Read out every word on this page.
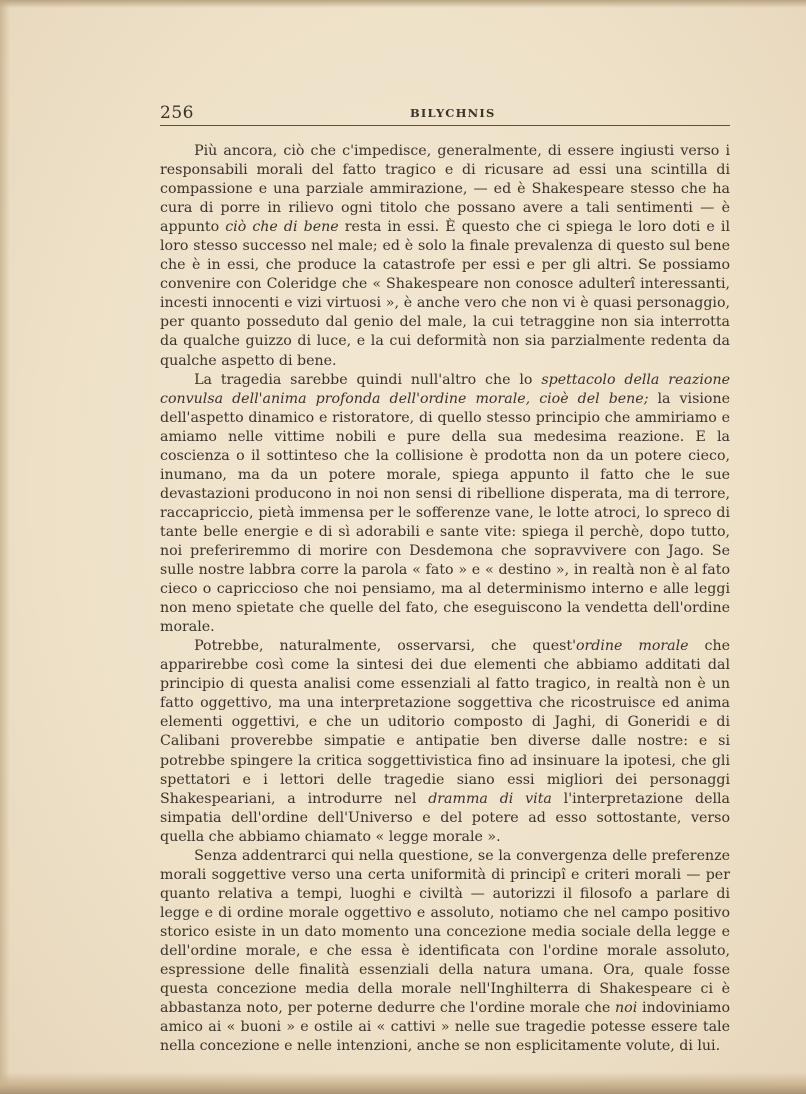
256	BILYCHNIS

Più ancora, ciò che c'impedisce, generalmente, di essere ingiusti verso i responsabili morali del fatto tragico e di ricusare ad essi una scintilla di compassione e una parziale ammirazione, — ed è Shakespeare stesso che ha cura di porre in rilievo ogni titolo che possano avere a tali sentimenti — è appunto ciò che di bene resta in essi. È questo che ci spiega le loro doti e il loro stesso successo nel male; ed è solo la finale prevalenza di questo sul bene che è in essi, che produce la catastrofe per essi e per gli altri. Se possiamo convenire con Coleridge che « Shakespeare non conosce adulterî interessanti, incesti innocenti e vizi virtuosi », è anche vero che non vi è quasi personaggio, per quanto posseduto dal genio del male, la cui tetraggine non sia interrotta da qualche guizzo di luce, e la cui deformità non sia parzialmente redenta da qualche aspetto di bene.

La tragedia sarebbe quindi null'altro che lo spettacolo della reazione convulsa dell'anima profonda dell'ordine morale, cioè del bene; la visione dell'aspetto dinamico e ristoratore, di quello stesso principio che ammiriamo e amiamo nelle vittime nobili e pure della sua medesima reazione. E la coscienza o il sottinteso che la collisione è prodotta non da un potere cieco, inumano, ma da un potere morale, spiega appunto il fatto che le sue devastazioni producono in noi non sensi di ribellione disperata, ma di terrore, raccapriccio, pietà immensa per le sofferenze vane, le lotte atroci, lo spreco di tante belle energie e di sì adorabili e sante vite: spiega il perchè, dopo tutto, noi preferiremmo di morire con Desdemona che sopravvivere con Jago. Se sulle nostre labbra corre la parola « fato » e « destino », in realtà non è al fato cieco o capriccioso che noi pensiamo, ma al determinismo interno e alle leggi non meno spietate che quelle del fato, che eseguiscono la vendetta dell'ordine morale.

Potrebbe, naturalmente, osservarsi, che quest'ordine morale che apparirebbe così come la sintesi dei due elementi che abbiamo additati dal principio di questa analisi come essenziali al fatto tragico, in realtà non è un fatto oggettivo, ma una interpretazione soggettiva che ricostruisce ed anima elementi oggettivi, e che un uditorio composto di Jaghi, di Goneridi e di Calibani proverebbe simpatie e antipatie ben diverse dalle nostre: e si potrebbe spingere la critica soggettivistica fino ad insinuare la ipotesi, che gli spettatori e i lettori delle tragedie siano essi migliori dei personaggi Shakespeariani, a introdurre nel dramma di vita l'interpretazione della simpatia dell'ordine dell'Universo e del potere ad esso sottostante, verso quella che abbiamo chiamato « legge morale ».

Senza addentrarci qui nella questione, se la convergenza delle preferenze morali soggettive verso una certa uniformità di principî e criteri morali — per quanto relativa a tempi, luoghi e civiltà — autorizzi il filosofo a parlare di legge e di ordine morale oggettivo e assoluto, notiamo che nel campo positivo storico esiste in un dato momento una concezione media sociale della legge e dell'ordine morale, e che essa è identificata con l'ordine morale assoluto, espressione delle finalità essenziali della natura umana. Ora, quale fosse questa concezione media della morale nell'Inghilterra di Shakespeare ci è abbastanza noto, per poterne dedurre che l'ordine morale che noi indoviniamo amico ai « buoni » e ostile ai « cattivi » nelle sue tragedie potesse essere tale nella concezione e nelle intenzioni, anche se non esplicitamente volute, di lui.
